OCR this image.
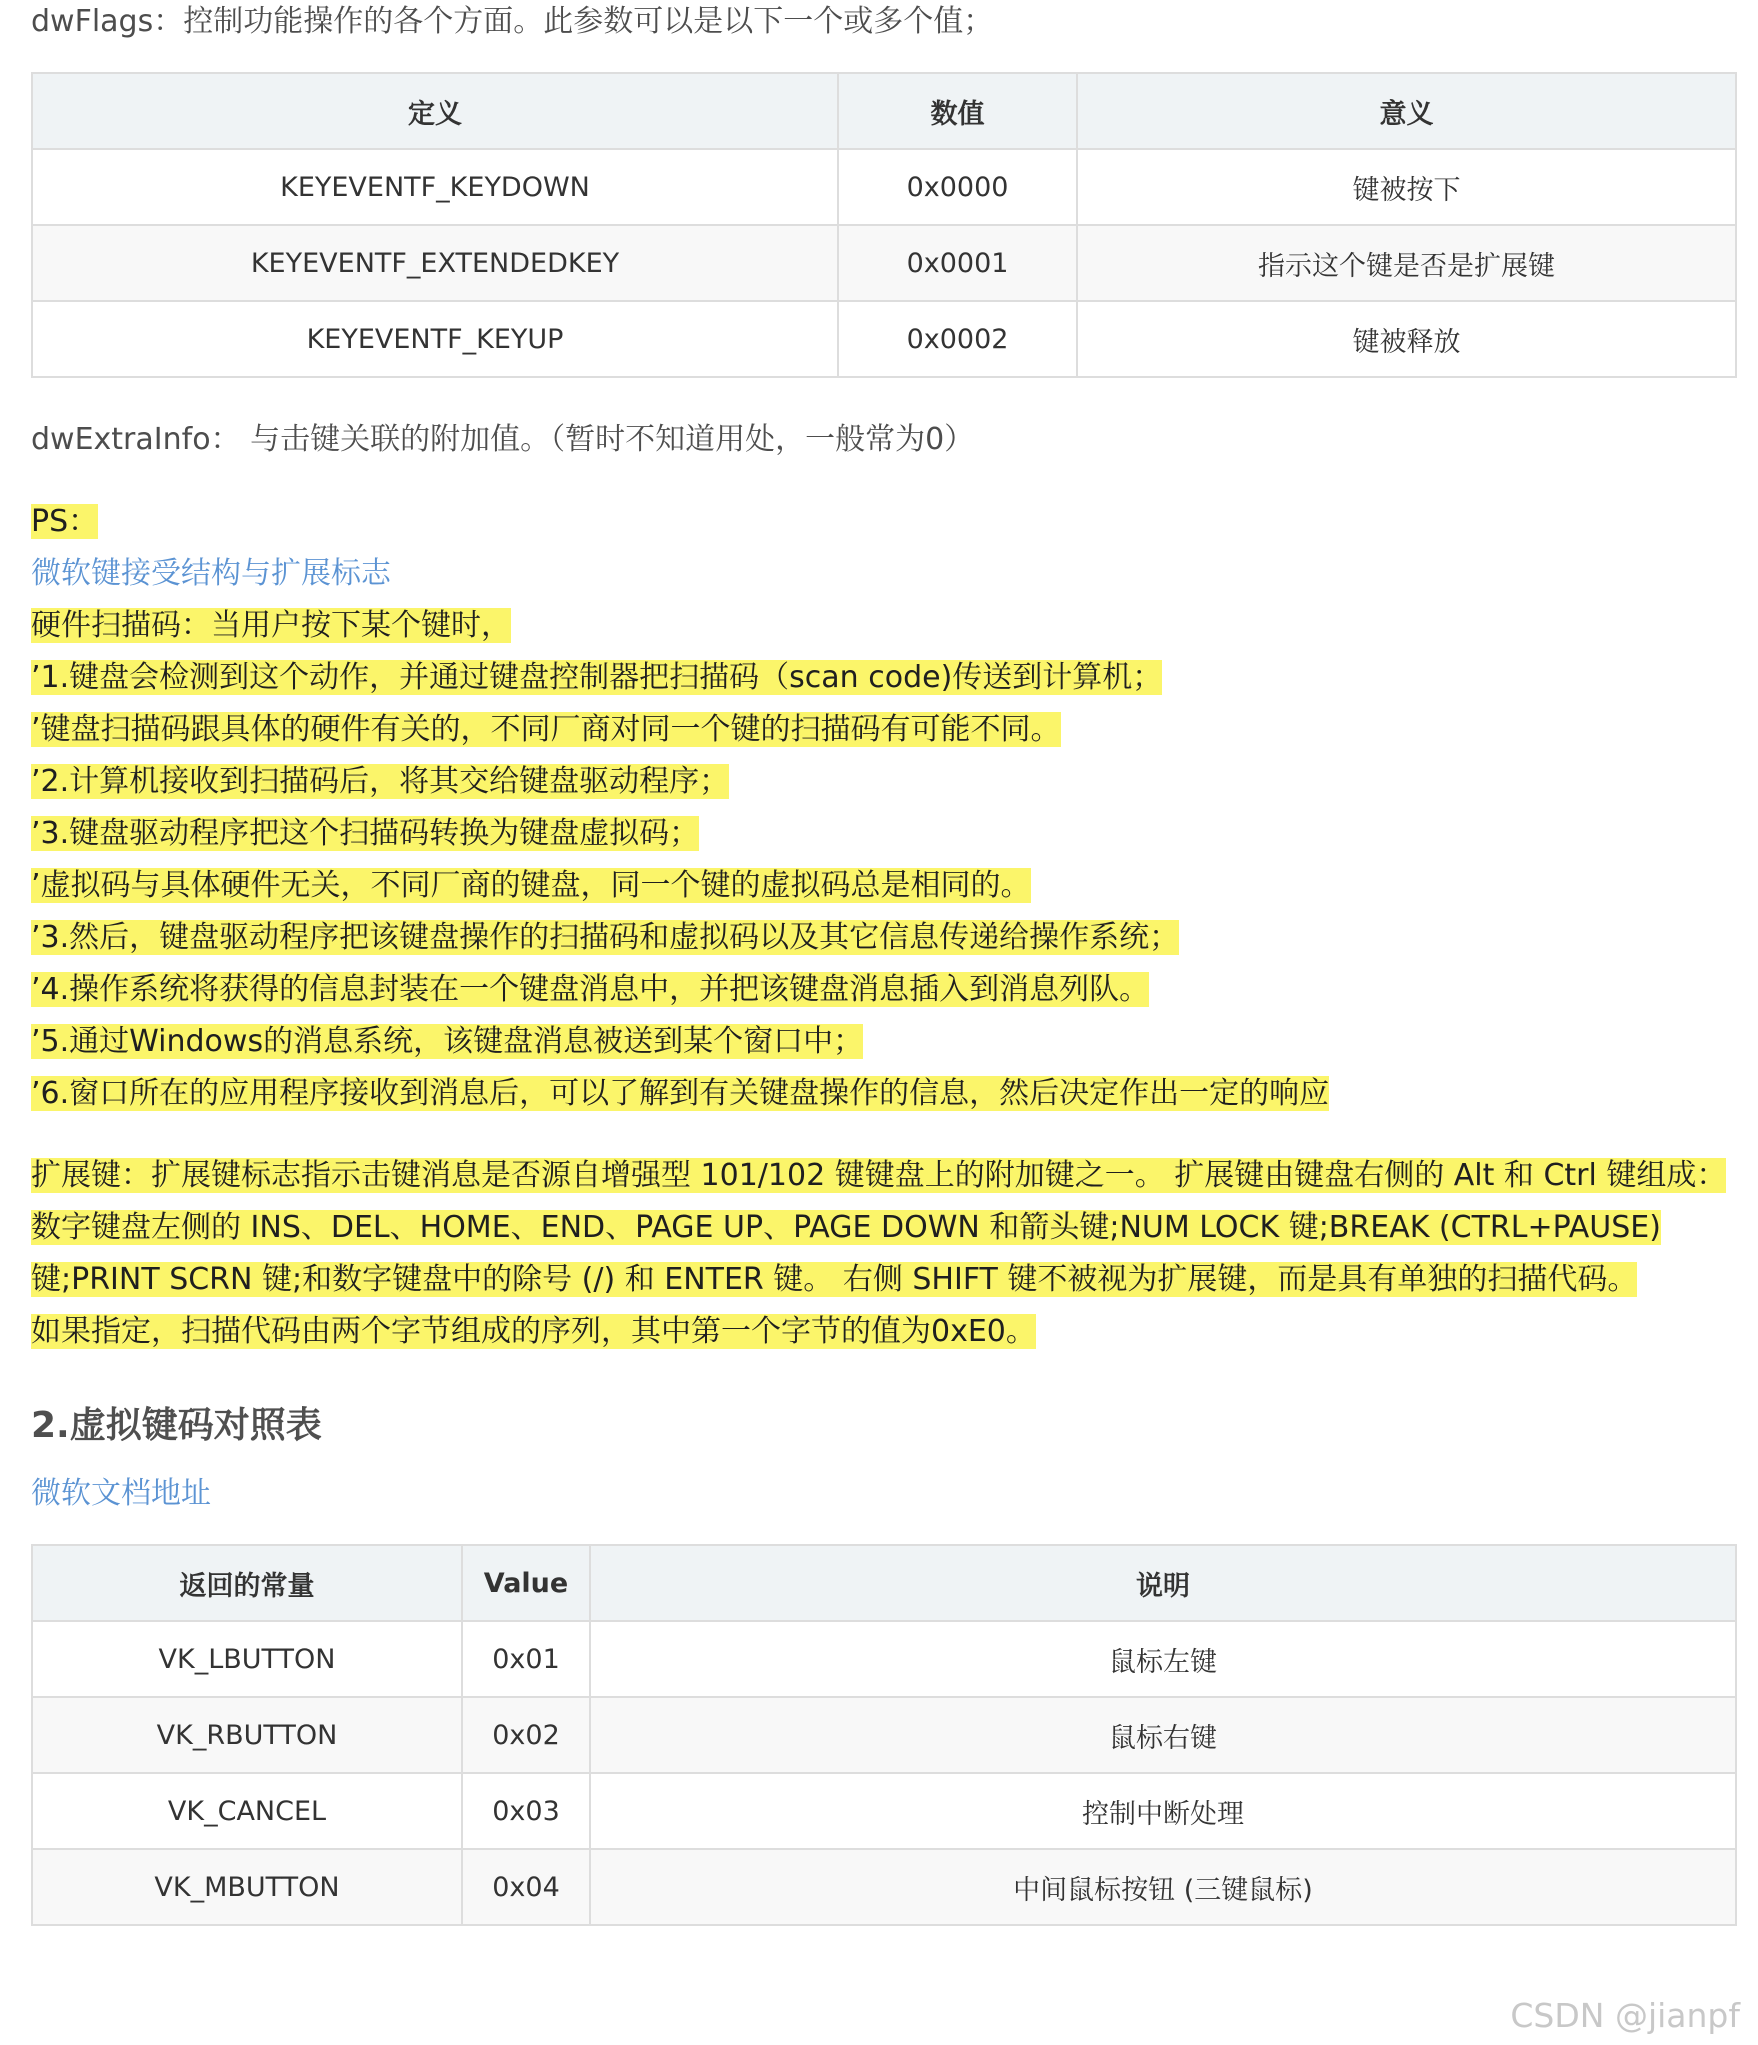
dwFlags：控制功能操作的各个方面。此参数可以是以下一个或多个值；

定义	数值	意义
KEYEVENTF_KEYDOWN	0x0000	键被按下
KEYEVENTF_EXTENDEDKEY	0x0001	指示这个键是否是扩展键
KEYEVENTF_KEYUP	0x0002	键被释放

dwExtraInfo： 与击键关联的附加值。（暂时不知道用处，一般常为0）

PS：

微软键接受结构与扩展标志

硬件扫描码：当用户按下某个键时，

’1.键盘会检测到这个动作，并通过键盘控制器把扫描码（scan code)传送到计算机；

’键盘扫描码跟具体的硬件有关的，不同厂商对同一个键的扫描码有可能不同。

’2.计算机接收到扫描码后，将其交给键盘驱动程序；

’3.键盘驱动程序把这个扫描码转换为键盘虚拟码；

’虚拟码与具体硬件无关，不同厂商的键盘，同一个键的虚拟码总是相同的。

’3.然后，键盘驱动程序把该键盘操作的扫描码和虚拟码以及其它信息传递给操作系统；

’4.操作系统将获得的信息封装在一个键盘消息中，并把该键盘消息插入到消息列队。

’5.通过Windows的消息系统，该键盘消息被送到某个窗口中；

’6.窗口所在的应用程序接收到消息后，可以了解到有关键盘操作的信息，然后决定作出一定的响应

扩展键：扩展键标志指示击键消息是否源自增强型 101/102 键键盘上的附加键之一。 扩展键由键盘右侧的 Alt 和 Ctrl 键组成：数字键盘左侧的 INS、DEL、HOME、END、PAGE UP、PAGE DOWN 和箭头键;NUM LOCK 键;BREAK (CTRL+PAUSE) 键;PRINT SCRN 键;和数字键盘中的除号 (/) 和 ENTER 键。 右侧 SHIFT 键不被视为扩展键，而是具有单独的扫描代码。

如果指定，扫描代码由两个字节组成的序列，其中第一个字节的值为0xE0。

2.虚拟键码对照表

微软文档地址

返回的常量	Value	说明
VK_LBUTTON	0x01	鼠标左键
VK_RBUTTON	0x02	鼠标右键
VK_CANCEL	0x03	控制中断处理
VK_MBUTTON	0x04	中间鼠标按钮 (三键鼠标)
CSDN @jianpf
